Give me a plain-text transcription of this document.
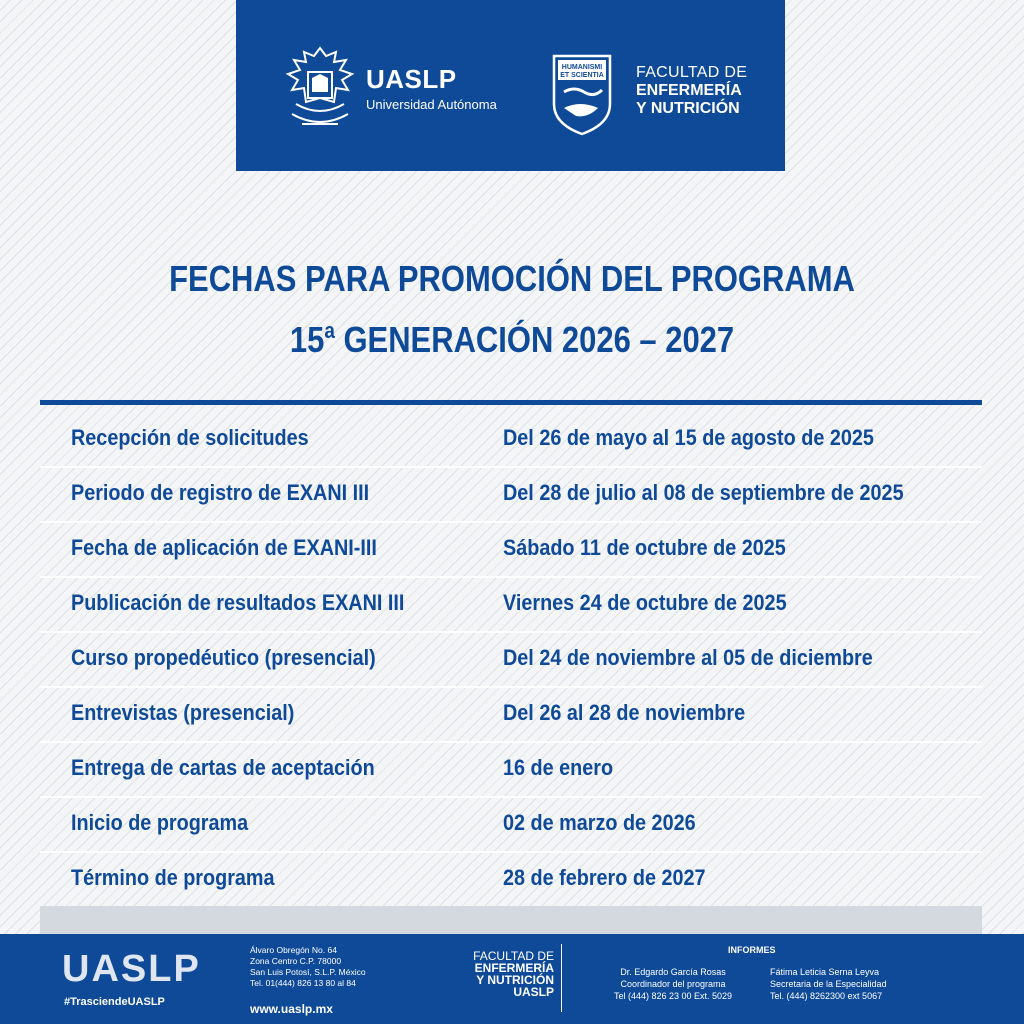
UASLP
Universidad Autónoma
HUMANISMI
ET SCIENTIA FACULTAD DE
ENFERMERÍA
Y NUTRICIÓN
FECHAS PARA PROMOCIÓN DEL PROGRAMA
15$^a$ GENERACIÓN 2026 – 2027
Recepción de solicitudes	Del 26 de mayo al 15 de agosto de 2025
Periodo de registro de EXANI III	Del 28 de julio al 08 de septiembre de 2025
Fecha de aplicación de EXANI-III	Sábado 11 de octubre de 2025
Publicación de resultados EXANI III	Viernes 24 de octubre de 2025
Curso propedéutico (presencial)	Del 24 de noviembre al 05 de diciembre
Entrevistas (presencial)	Del 26 al 28 de noviembre
Entrega de cartas de aceptación	16 de enero
Inicio de programa	02 de marzo de 2026
Término de programa	28 de febrero de 2027
UASLP
#TrasciendeUASLP
Álvaro Obregón No. 64
Zona Centro C.P. 78000
San Luis Potosí, S.L.P. México
Tel. 01(444) 826 13 80 al 84
www.uaslp.mx
FACULTAD DE
ENFERMERÍA
Y NUTRICIÓN
UASLP
INFORMES
Dr. Edgardo García Rosas
Coordinador del programa
Tel (444) 826 23 00 Ext. 5029
Fátima Leticia Serna Leyva
Secretaria de la Especialidad
Tel. (444) 8262300 ext 5067
